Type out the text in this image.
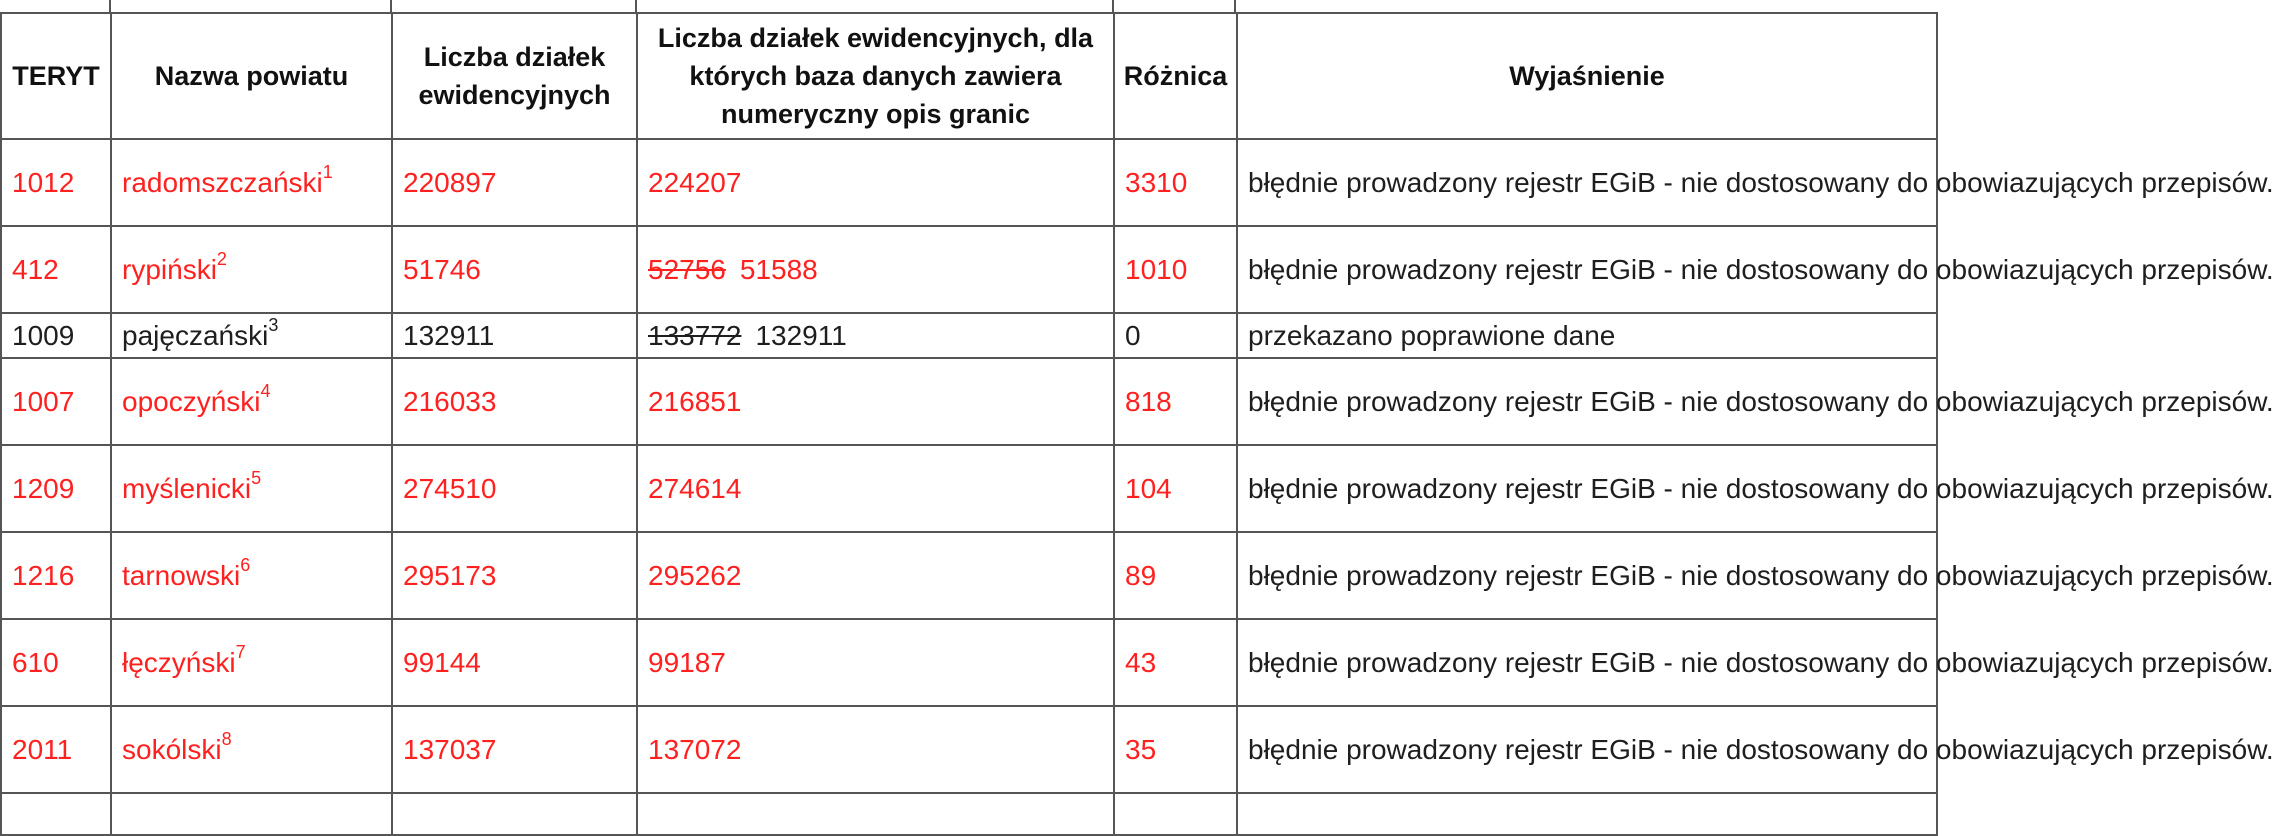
TERYT	Nazwa powiatu	Liczba działek ewidencyjnych	Liczba działek ewidencyjnych, dla których baza danych zawiera numeryczny opis granic	Różnica	Wyjaśnienie
1012	radomszczański$^1$	220897	224207	3310	błędnie prowadzony rejestr EGiB - nie dostosowany do obowiazujących przepisów.
412	rypiński$^2$	51746	52756 51588	1010	błędnie prowadzony rejestr EGiB - nie dostosowany do obowiazujących przepisów.
1009	pajęczański$^3$	132911	133772 132911	0	przekazano poprawione dane
1007	opoczyński$^4$	216033	216851	818	błędnie prowadzony rejestr EGiB - nie dostosowany do obowiazujących przepisów.
1209	myślenicki$^5$	274510	274614	104	błędnie prowadzony rejestr EGiB - nie dostosowany do obowiazujących przepisów.
1216	tarnowski$^6$	295173	295262	89	błędnie prowadzony rejestr EGiB - nie dostosowany do obowiazujących przepisów.
610	łęczyński$^7$	99144	99187	43	błędnie prowadzony rejestr EGiB - nie dostosowany do obowiazujących przepisów.
2011	sokólski$^8$	137037	137072	35	błędnie prowadzony rejestr EGiB - nie dostosowany do obowiazujących przepisów.
